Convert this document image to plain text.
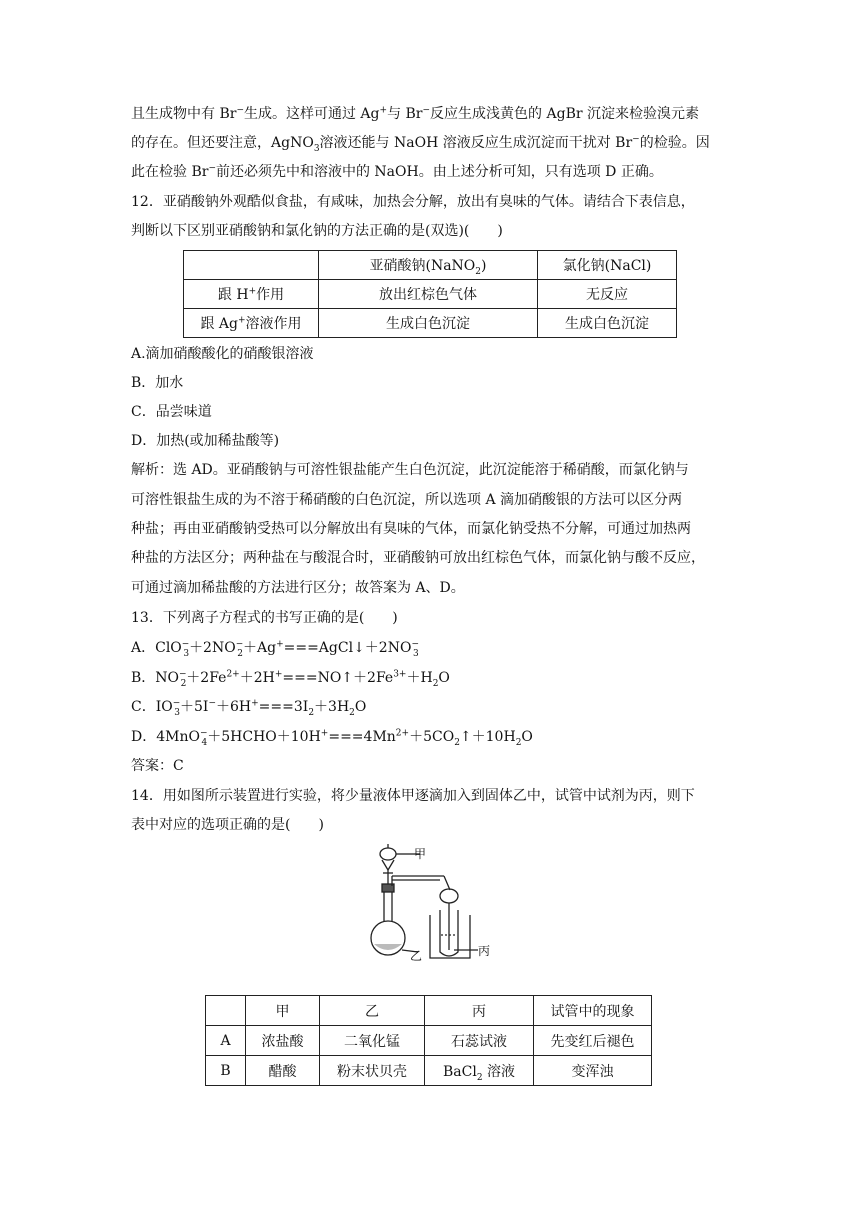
且生成物中有 Br−生成。这样可通过 Ag+与 Br−反应生成浅黄色的 AgBr 沉淀来检验溴元素
的存在。但还要注意，AgNO$_3$溶液还能与 NaOH 溶液反应生成沉淀而干扰对 Br−的检验。因
此在检验 Br−前还必须先中和溶液中的 NaOH。由上述分析可知，只有选项 D 正确。
12．亚硝酸钠外观酷似食盐，有咸味，加热会分解，放出有臭味的气体。请结合下表信息，
判断以下区别亚硝酸钠和氯化钠的方法正确的是(双选)(　　)
	亚硝酸钠(NaNO$_2$)	氯化钠(NaCl)
跟 H+作用	放出红棕色气体	无反应
跟 Ag+溶液作用	生成白色沉淀	生成白色沉淀
A.滴加硝酸酸化的硝酸银溶液
B．加水
C．品尝味道
D．加热(或加稀盐酸等)
解析：选 AD。亚硝酸钠与可溶性银盐能产生白色沉淀，此沉淀能溶于稀硝酸，而氯化钠与
可溶性银盐生成的为不溶于稀硝酸的白色沉淀，所以选项 A 滴加硝酸银的方法可以区分两
种盐；再由亚硝酸钠受热可以分解放出有臭味的气体，而氯化钠受热不分解，可通过加热两
种盐的方法区分；两种盐在与酸混合时，亚硝酸钠可放出红棕色气体，而氯化钠与酸不反应，
可通过滴加稀盐酸的方法进行区分；故答案为 A、D。
13．下列离子方程式的书写正确的是(　　)
A．$ClO^-_3+2NO^-_2+Ag^+===AgCl↓+2NO^-_3$
B．$NO^-_2+2Fe^{2+}+2H^+===NO↑+2Fe^{3+}+H_2O$
C．$IO^-_3+5I^-+6H^+===3I_2+3H_2O$
D．$4MnO^-_4+5HCHO+10H^+===4Mn^{2+}+5CO_2↑+10H_2O$
答案：C
14．用如图所示装置进行实验，将少量液体甲逐滴加入到固体乙中，试管中试剂为丙，则下
表中对应的选项正确的是(　　)
甲
乙	丙
	甲	乙	丙	试管中的现象
A	浓盐酸	二氧化锰	石蕊试液	先变红后褪色
B	醋酸	粉末状贝壳	BaCl$_2$ 溶液	变浑浊
